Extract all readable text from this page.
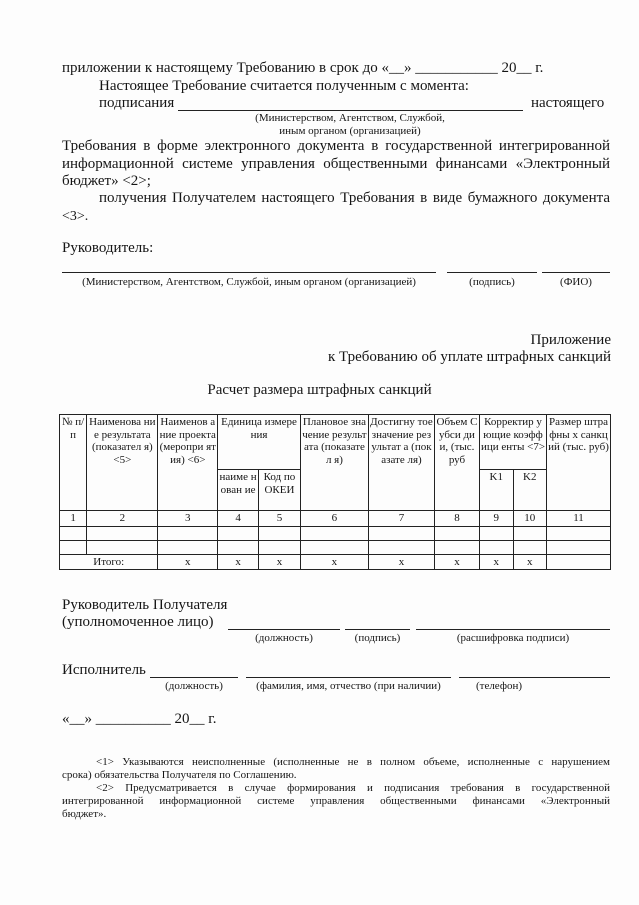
приложении к настоящему Требованию в срок до «__» ___________ 20__ г.
Настоящее Требование считается полученным с момента:
подписания	настоящего
(Министерством, Агентством, Службой,
иным органом (организацией)
Требования в форме электронного документа в государственной интегрированной
информационной системе управления общественными финансами «Электронный
бюджет» <2>;
получения Получателем настоящего Требования в виде бумажного документа
<3>.
Руководитель:
(Министерством, Агентством, Службой, иным органом (организацией)	(подпись)	(ФИО)
Приложение
к Требованию об уплате штрафных санкций
Расчет размера штрафных санкций
№ п/п	Наименова ние результата (показател я) <5>	Наименов ание проекта (меропри ятия) <6>	Единица измерения		Плановое значение результата (показател я)	Достигну тое значение результат а (показате ля)	Объем Субси дии, (тыс. руб	Корректир ующие коэффици енты <7>		Размер штрафны х санкций (тыс. руб)
			наиме нован ие	Код по ОКЕИ				K1	K2	
1	2	3	4	5	6	7	8	9	10	11

Итого:		x	x	x	x	x	x	x	x	
Руководитель Получателя
(уполномоченное лицо)
(должность)	(подпись)	(расшифровка подписи)
Исполнитель
(должность)	(фамилия, имя, отчество (при наличии)	(телефон)
«__» __________ 20__ г.
<1> Указываются неисполненные (исполненные не в полном объеме, исполненные с нарушением
срока) обязательства Получателя по Соглашению.
<2> Предусматривается в случае формирования и подписания требования в государственной
интегрированной информационной системе управления общественными финансами «Электронный
бюджет».
